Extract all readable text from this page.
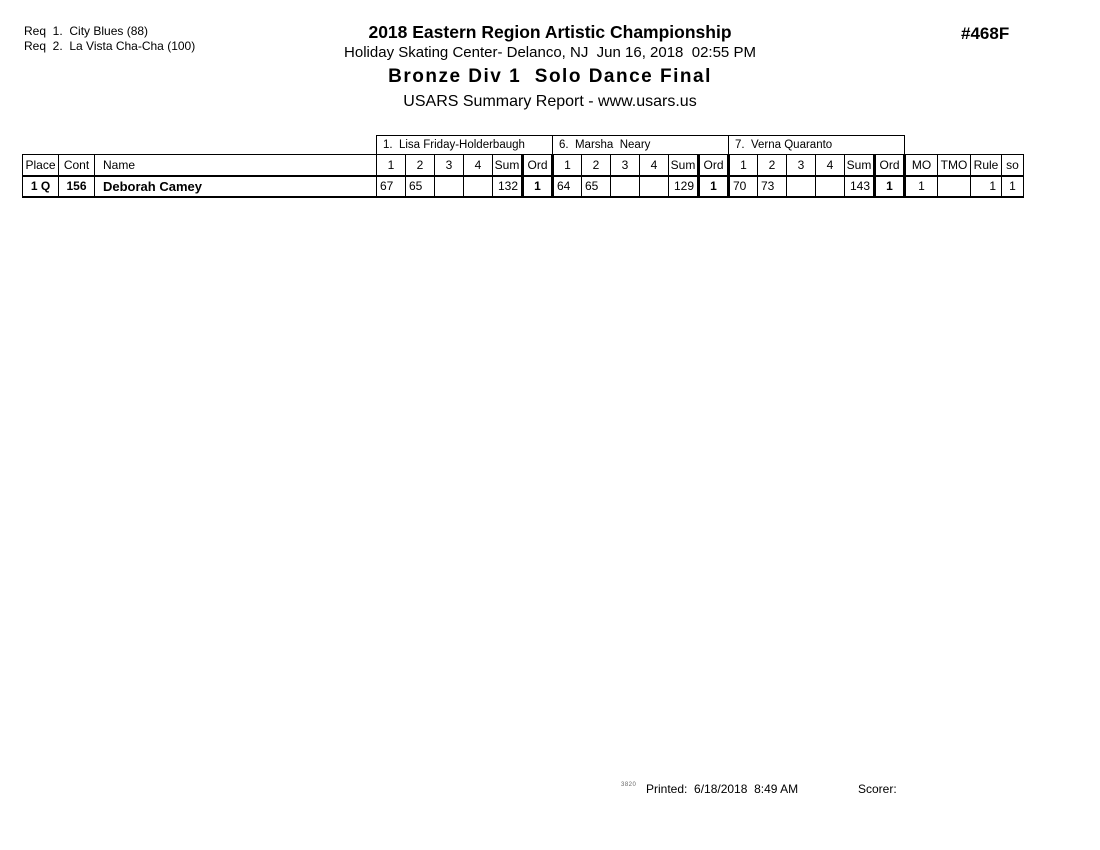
Req  1.  City Blues (88)
Req  2.  La Vista Cha-Cha (100)
2018 Eastern Region Artistic Championship
Holiday Skating Center- Delanco, NJ  Jun 16, 2018  02:55 PM
Bronze Div 1  Solo Dance Final
USARS Summary Report - www.usars.us
#468F
			1.  Lisa Friday-Holderbaugh						6.  Marsha  Neary						7.  Verna Quaranto									
Place	Cont	Name	1	2	3	4	Sum	Ord	1	2	3	4	Sum	Ord	1	2	3	4	Sum	Ord	MO	TMO	Rule	so
1 Q	156	Deborah Camey	67	65			132	1	64	65			129	1	70	73			143	1	1		1	1
3820 Printed:  6/18/2018  8:49 AM	Scorer:
